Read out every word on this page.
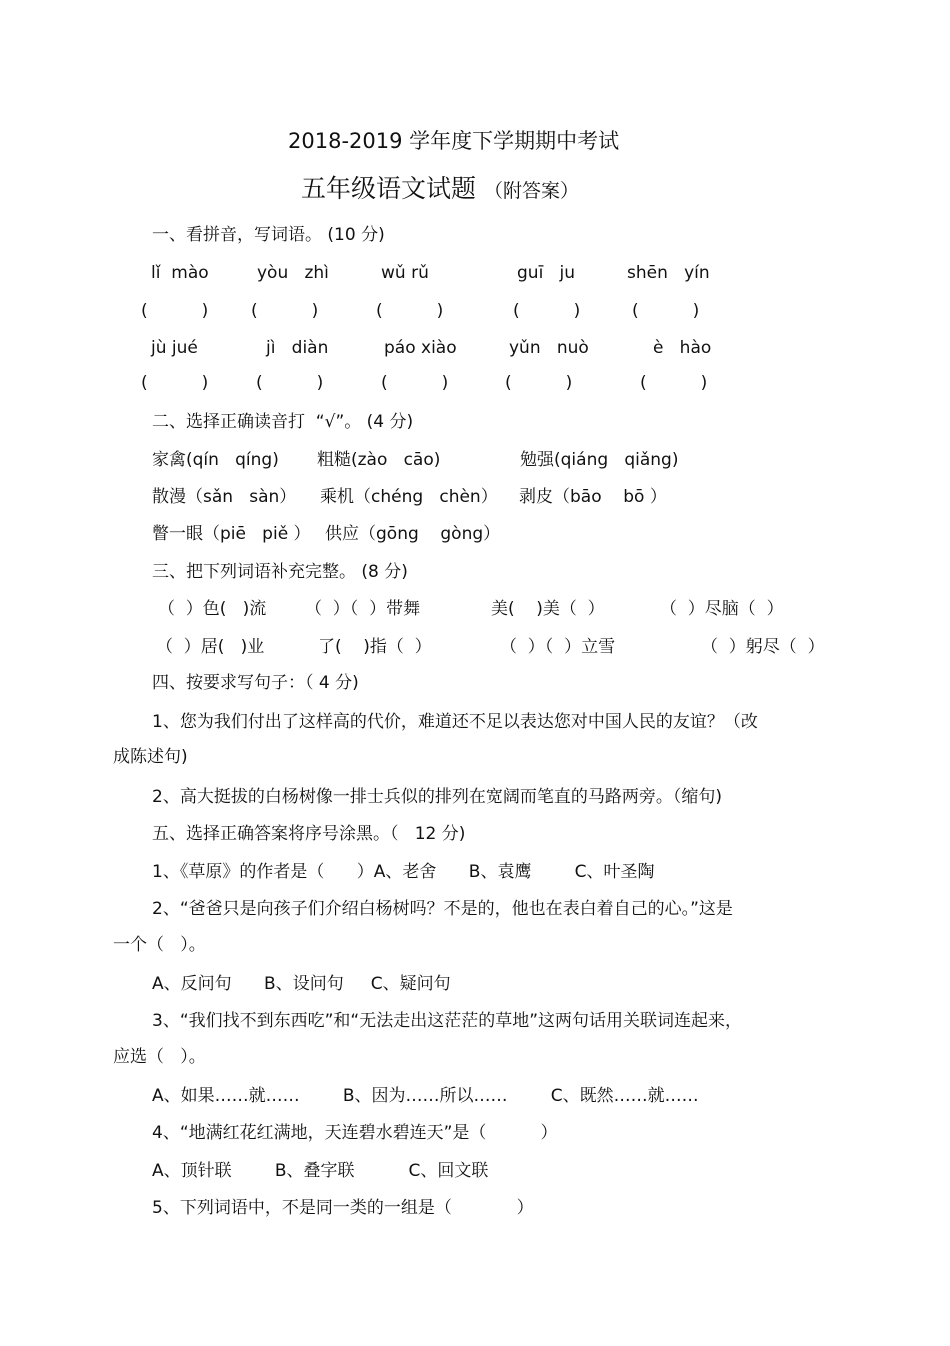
2018-2019 学年度下学期期中考试
五年级语文试题 （附答案）
一、看拼音，写词语。 (10 分)
lǐ  mào	yòu   zhì	wǔ rǔ	guī   ju	shēn   yín
(          )	(          )	(          )	(          )	(          )
jù jué	jì   diàn	páo xiào	yǔn   nuò	è   hào
(          )	(          )	(          )	(          )	(          )
二、选择正确读音打  “√”。 (4 分)
家禽(qín   qíng) 粗糙(zào   cāo)	勉强(qiáng   qiǎng)
散漫（sǎn   sàn） 乘机（chéng   chèn） 剥皮（bāo    bō ）
瞥一眼（piē   piě ） 供应（gōng    gòng）
三、把下列词语补充完整。 (8 分)
（  ）色(   )流 （  ）（  ）带舞	美(    )美（  ）	（  ）尽脑（  ）
（  ）居(   )业	了(    )指（  ）	（  ）（  ）立雪	（  ）躬尽（  ）
四、按要求写句子：（ 4 分)
1、您为我们付出了这样高的代价，难道还不足以表达您对中国人民的友谊？（改
成陈述句)
2、高大挺拔的白杨树像一排士兵似的排列在宽阔而笔直的马路两旁。（缩句)
五、选择正确答案将序号涂黑。（   12 分)
1、《草原》的作者是（      ）A、老舍      B、袁鹰        C、叶圣陶
2、“爸爸只是向孩子们介绍白杨树吗？不是的，他也在表白着自己的心。”这是
一个（   ）。
A、反问句      B、设问句     C、疑问句
3、“我们找不到东西吃”和“无法走出这茫茫的草地”这两句话用关联词连起来，
应选（   ）。
A、如果……就……        B、因为……所以……        C、既然……就……
4、“地满红花红满地，天连碧水碧连天”是（          ）
A、顶针联        B、叠字联          C、回文联
5、下列词语中，不是同一类的一组是（            ）
